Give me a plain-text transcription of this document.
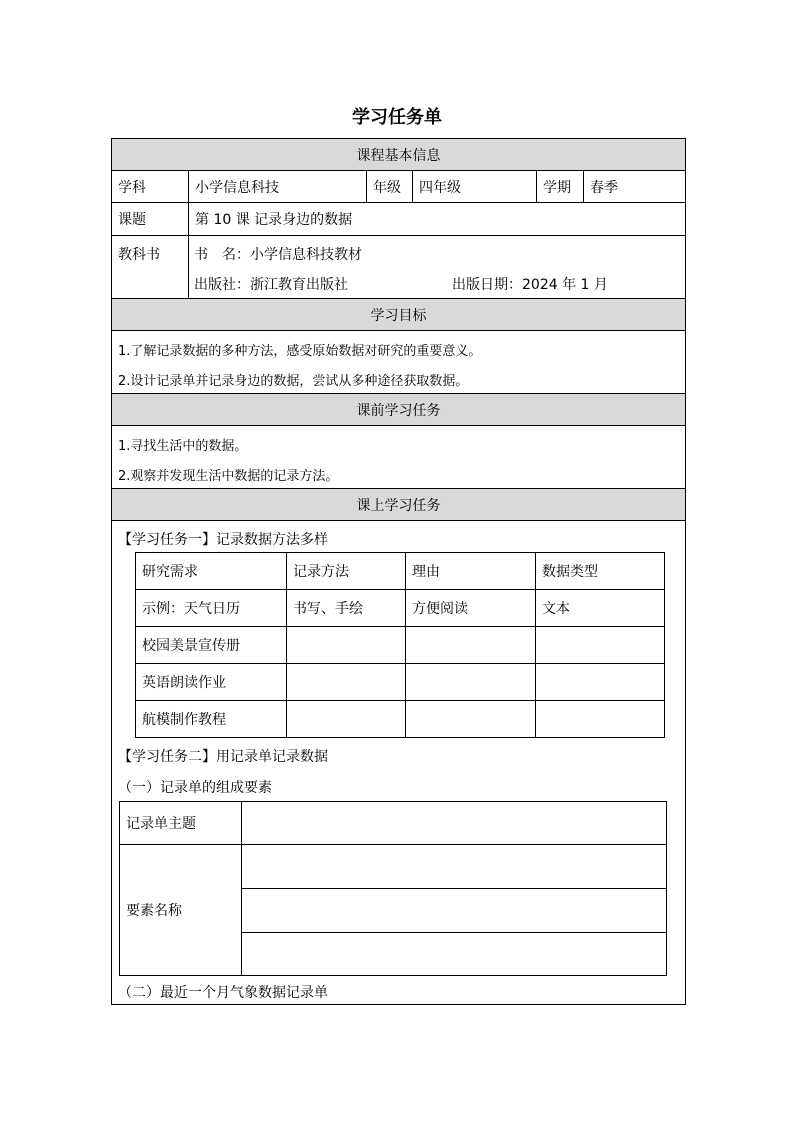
学习任务单
课程基本信息
学科	小学信息科技	年级	四年级	学期	春季
课题	第 10 课 记录身边的数据
教科书	书　名：小学信息科技教材
出版社：浙江教育出版社	出版日期：2024 年 1 月
学习目标
1.了解记录数据的多种方法，感受原始数据对研究的重要意义。
2.设计记录单并记录身边的数据，尝试从多种途径获取数据。
课前学习任务
1.寻找生活中的数据。
2.观察并发现生活中数据的记录方法。
课上学习任务
【学习任务一】记录数据方法多样
研究需求	记录方法	理由	数据类型
示例：天气日历	书写、手绘	方便阅读	文本
校园美景宣传册			
英语朗读作业			
航模制作教程			
【学习任务二】用记录单记录数据
（一）记录单的组成要素
记录单主题	
要素名称	

（二）最近一个月气象数据记录单
